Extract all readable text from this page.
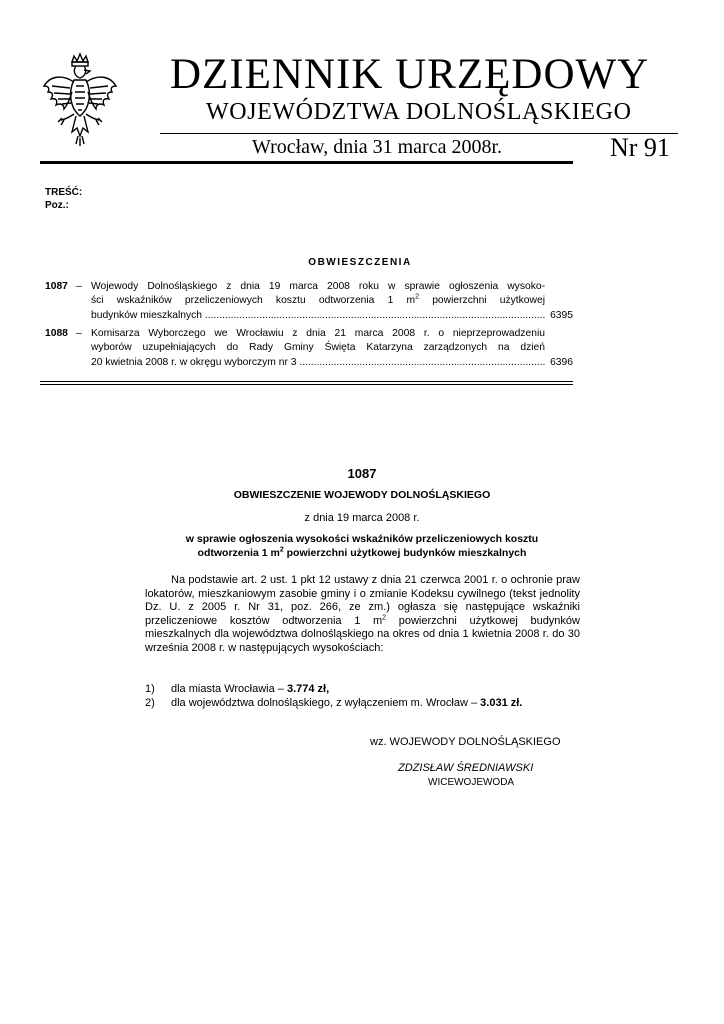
DZIENNIK URZĘDOWY
WOJEWÓDZTWA DOLNOŚLĄSKIEGO
Wrocław, dnia 31 marca 2008r.	Nr 91
TREŚĆ:
Poz.:
OBWIESZCZENIA
1087 – Wojewody Dolnośląskiego z dnia 19 marca 2008 roku w sprawie ogłoszenia wysoko-
ści wskaźników przeliczeniowych kosztu odtworzenia 1 $m^2$ powierzchni użytkowej
budynków mieszkalnych .....	6395
1088 – Komisarza Wyborczego we Wrocławiu z dnia 21 marca 2008 r. o nieprzeprowadzeniu
wyborów uzupełniających do Rady Gminy Święta Katarzyna zarządzonych na dzień
20 kwietnia 2008 r. w okręgu wyborczym nr 3 .....	6396
1087
OBWIESZCZENIE WOJEWODY DOLNOŚLĄSKIEGO
z dnia 19 marca 2008 r.
w sprawie ogłoszenia wysokości wskaźników przeliczeniowych kosztu
odtworzenia 1 $m^2$ powierzchni użytkowej budynków mieszkalnych
Na podstawie art. 2 ust. 1 pkt 12 ustawy z dnia 21 czerwca 2001 r. o ochronie praw lokatorów, mieszkaniowym zasobie gminy i o zmianie Kodeksu cywilnego (tekst jednolity Dz. U. z 2005 r. Nr 31, poz. 266, ze zm.) ogłasza się następujące wskaźniki przeliczeniowe kosztów odtworzenia 1 $m^2$ powierzchni użytkowej budynków mieszkalnych dla województwa dolnośląskiego na okres od dnia 1 kwietnia 2008 r. do 30 września 2008 r. w następujących wysokościach:
1) dla miasta Wrocławia – 3.774 zł,
2) dla województwa dolnośląskiego, z wyłączeniem m. Wrocław – 3.031 zł.
wz. WOJEWODY DOLNOŚLĄSKIEGO
ZDZISŁAW ŚREDNIAWSKI
WICEWOJEWODA
